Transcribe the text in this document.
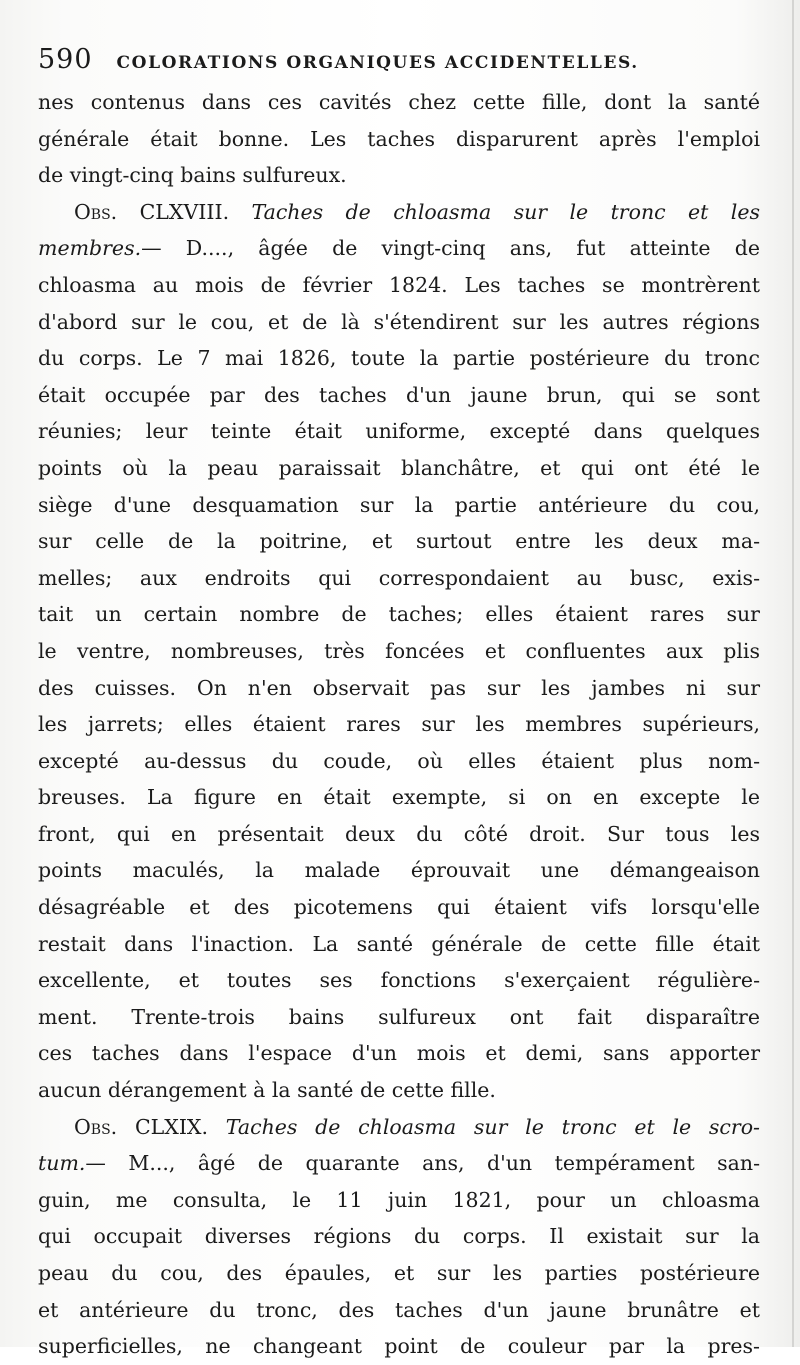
590 COLORATIONS ORGANIQUES ACCIDENTELLES.
nes contenus dans ces cavités chez cette fille, dont la santé
générale était bonne. Les taches disparurent après l'emploi
de vingt-cinq bains sulfureux.
Obs. CLXVIII. Taches de chloasma sur le tronc et les
membres.— D...., âgée de vingt-cinq ans, fut atteinte de
chloasma au mois de février 1824. Les taches se montrèrent
d'abord sur le cou, et de là s'étendirent sur les autres régions
du corps. Le 7 mai 1826, toute la partie postérieure du tronc
était occupée par des taches d'un jaune brun, qui se sont
réunies; leur teinte était uniforme, excepté dans quelques
points où la peau paraissait blanchâtre, et qui ont été le
siège d'une desquamation sur la partie antérieure du cou,
sur celle de la poitrine, et surtout entre les deux ma-
melles; aux endroits qui correspondaient au busc, exis-
tait un certain nombre de taches; elles étaient rares sur
le ventre, nombreuses, très foncées et confluentes aux plis
des cuisses. On n'en observait pas sur les jambes ni sur
les jarrets; elles étaient rares sur les membres supérieurs,
excepté au-dessus du coude, où elles étaient plus nom-
breuses. La figure en était exempte, si on en excepte le
front, qui en présentait deux du côté droit. Sur tous les
points maculés, la malade éprouvait une démangeaison
désagréable et des picotemens qui étaient vifs lorsqu'elle
restait dans l'inaction. La santé générale de cette fille était
excellente, et toutes ses fonctions s'exerçaient régulière-
ment. Trente-trois bains sulfureux ont fait disparaître
ces taches dans l'espace d'un mois et demi, sans apporter
aucun dérangement à la santé de cette fille.
Obs. CLXIX. Taches de chloasma sur le tronc et le scro-
tum.— M..., âgé de quarante ans, d'un tempérament san-
guin, me consulta, le 11 juin 1821, pour un chloasma
qui occupait diverses régions du corps. Il existait sur la
peau du cou, des épaules, et sur les parties postérieure
et antérieure du tronc, des taches d'un jaune brunâtre et
superficielles, ne changeant point de couleur par la pres-
